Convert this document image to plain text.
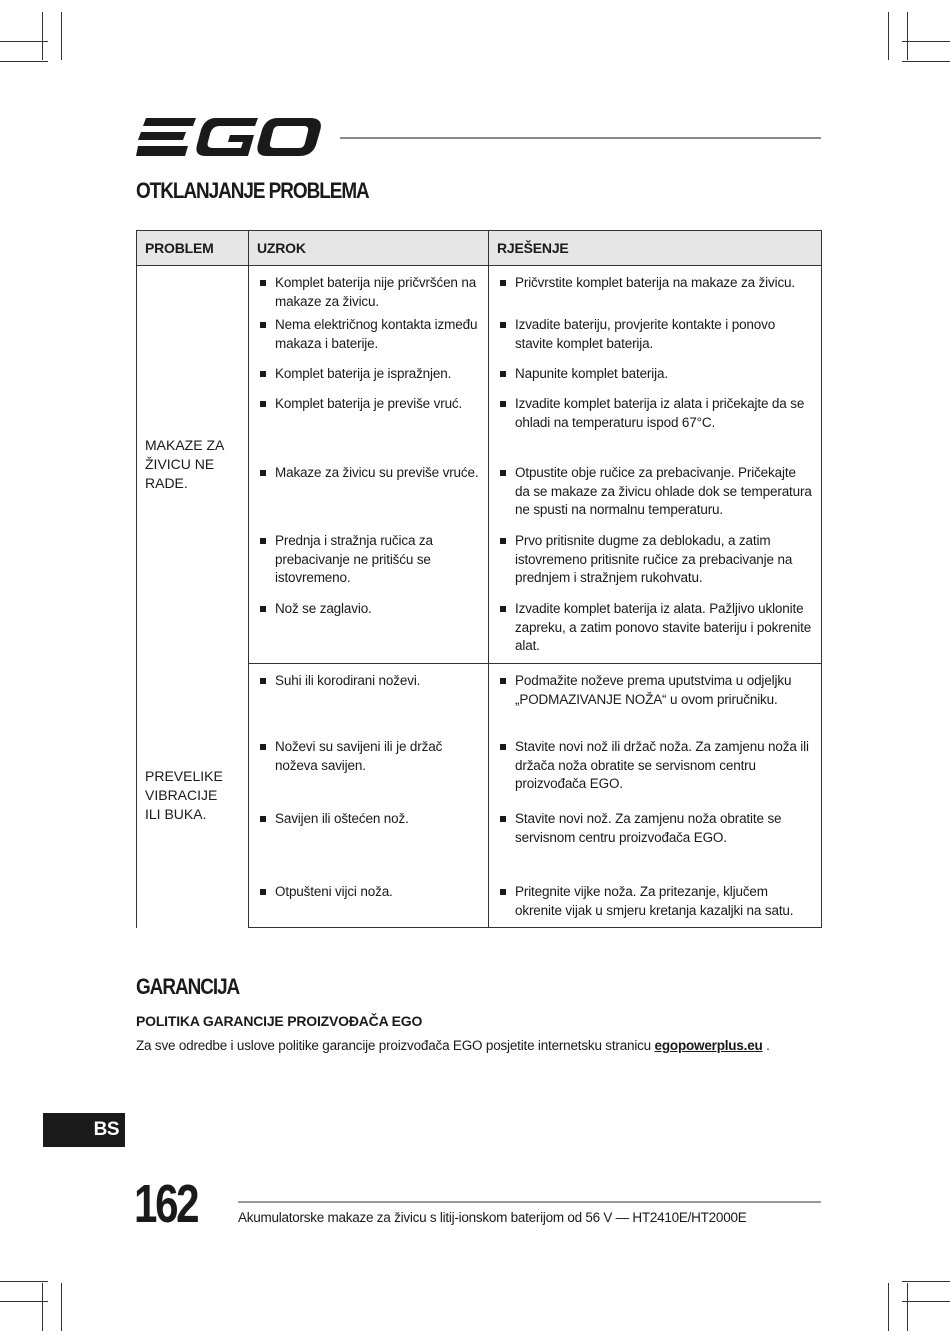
OTKLANJANJE PROBLEMA
PROBLEM	UZROK	RJEŠENJE

MAKAZE ZA ŽIVICU NE RADE.	Komplet baterija nije pričvršćen na makaze za živicu.	Pričvrstite komplet baterija na makaze za živicu.

	Nema električnog kontakta između makaza i baterije.	Izvadite bateriju, provjerite kontakte i ponovo stavite komplet baterija.

	Komplet baterija je ispražnjen.	Napunite komplet baterija.

	Komplet baterija je previše vruć.	Izvadite komplet baterija iz alata i pričekajte da se ohladi na temperaturu ispod 67°C.

	Makaze za živicu su previše vruće.	Otpustite obje ručice za prebacivanje. Pričekajte da se makaze za živicu ohlade dok se temperatura ne spusti na normalnu temperaturu.

	Prednja i stražnja ručica za prebacivanje ne pritišću se istovremeno.	Prvo pritisnite dugme za deblokadu, a zatim istovremeno pritisnite ručice za prebacivanje na prednjem i stražnjem rukohvatu.

	Nož se zaglavio.	Izvadite komplet baterija iz alata. Pažljivo uklonite zapreku, a zatim ponovo stavite bateriju i pokrenite alat.

PREVELIKE VIBRACIJE ILI BUKA.	Suhi ili korodirani noževi.	Podmažite noževe prema uputstvima u odjeljku „PODMAZIVANJE NOŽA“ u ovom priručniku.

	Noževi su savijeni ili je držač noževa savijen.	Stavite novi nož ili držač noža. Za zamjenu noža ili držača noža obratite se servisnom centru proizvođača EGO.

	Savijen ili oštećen nož.	Stavite novi nož. Za zamjenu noža obratite se servisnom centru proizvođača EGO.

	Otpušteni vijci noža.	Pritegnite vijke noža. Za pritezanje, ključem okrenite vijak u smjeru kretanja kazaljki na satu.
GARANCIJA
POLITIKA GARANCIJE PROIZVOĐAČA EGO

Za sve odredbe i uslove politike garancije proizvođača EGO posjetite internetsku stranicu egopowerplus.eu .

BS

162	Akumulatorske makaze za živicu s litij-ionskom baterijom od 56 V — HT2410E/HT2000E
